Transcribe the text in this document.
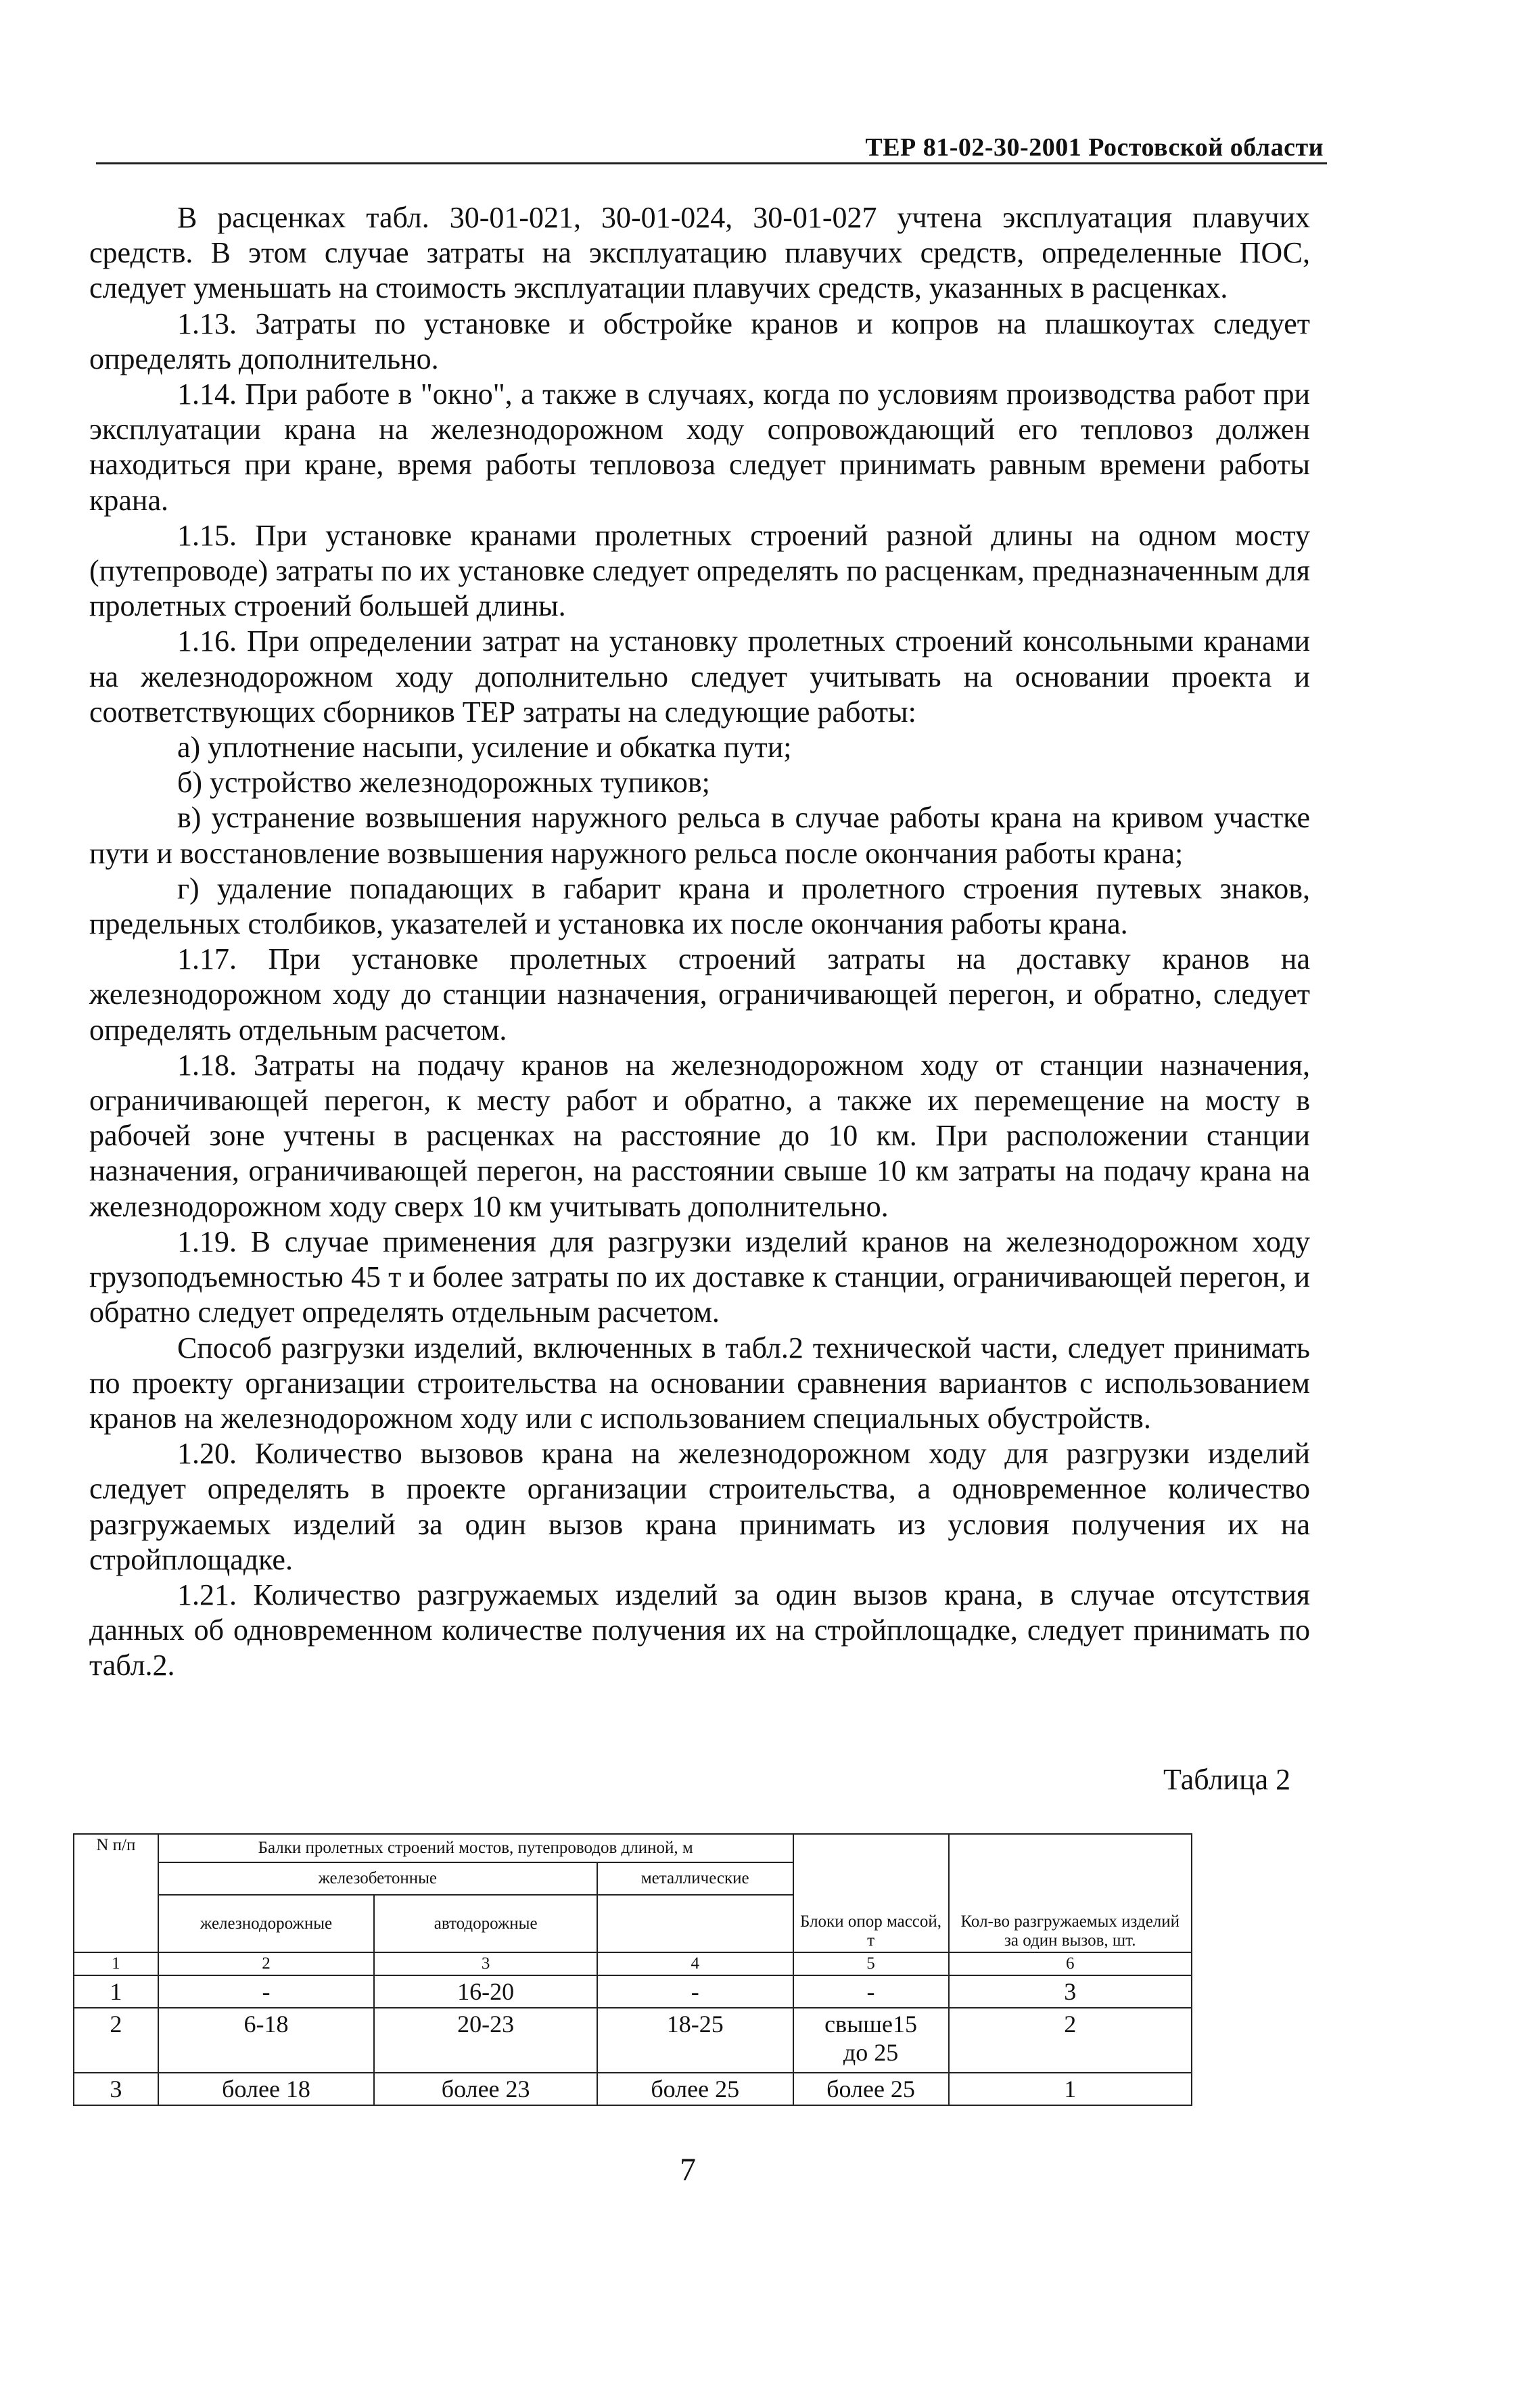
ТЕР 81-02-30-2001 Ростовской области

В расценках табл. 30-01-021, 30-01-024, 30-01-027 учтена эксплуатация плавучих средств. В этом случае затраты на эксплуатацию плавучих средств, определенные ПОС, следует уменьшать на стоимость эксплуатации плавучих средств, указанных в расценках.

1.13. Затраты по установке и обстройке кранов и копров на плашкоутах следует определять дополнительно.

1.14. При работе в "окно", а также в случаях, когда по условиям производства работ при эксплуатации крана на железнодорожном ходу сопровождающий его тепловоз должен находиться при кране, время работы тепловоза следует принимать равным времени работы крана.

1.15. При установке кранами пролетных строений разной длины на одном мосту (путепроводе) затраты по их установке следует определять по расценкам, предназначенным для пролетных строений большей длины.

1.16. При определении затрат на установку пролетных строений консольными кранами на железнодорожном ходу дополнительно следует учитывать на основании проекта и соответствующих сборников ТЕР затраты на следующие работы:

а) уплотнение насыпи, усиление и обкатка пути;

б) устройство железнодорожных тупиков;

в) устранение возвышения наружного рельса в случае работы крана на кривом участке пути и восстановление возвышения наружного рельса после окончания работы крана;

г) удаление попадающих в габарит крана и пролетного строения путевых знаков, предельных столбиков, указателей и установка их после окончания работы крана.

1.17. При установке пролетных строений затраты на доставку кранов на железнодорожном ходу до станции назначения, ограничивающей перегон, и обратно, следует определять отдельным расчетом.

1.18. Затраты на подачу кранов на железнодорожном ходу от станции назначения, ограничивающей перегон, к месту работ и обратно, а также их перемещение на мосту в рабочей зоне учтены в расценках на расстояние до 10 км. При расположении станции назначения, ограничивающей перегон, на расстоянии свыше 10 км затраты на подачу крана на железнодорожном ходу сверх 10 км учитывать дополнительно.

1.19. В случае применения для разгрузки изделий кранов на железнодорожном ходу грузоподъемностью 45 т и более затраты по их доставке к станции, ограничивающей перегон, и обратно следует определять отдельным расчетом.

Способ разгрузки изделий, включенных в табл.2 технической части, следует принимать по проекту организации строительства на основании сравнения вариантов с использованием кранов на железнодорожном ходу или с использованием специальных обустройств.

1.20. Количество вызовов крана на железнодорожном ходу для разгрузки изделий следует определять в проекте организации строительства, а одновременное количество разгружаемых изделий за один вызов крана принимать из условия получения их на стройплощадке.

1.21. Количество разгружаемых изделий за один вызов крана, в случае отсутствия данных об одновременном количестве получения их на стройплощадке, следует принимать по табл.2.

Таблица 2
N п/п	Балки пролетных строений мостов, путепроводов длиной, м			Блоки опор массой, т	Кол-во разгружаемых изделий за один вызов, шт.
	железобетонные		металлические		
	железнодорожные	автодорожные			
1	2	3	4	5	6
1	-	16-20	-	-	3
2	6-18	20-23	18-25	свыше15 до 25	2
3	более 18	более 23	более 25	более 25	1
7
